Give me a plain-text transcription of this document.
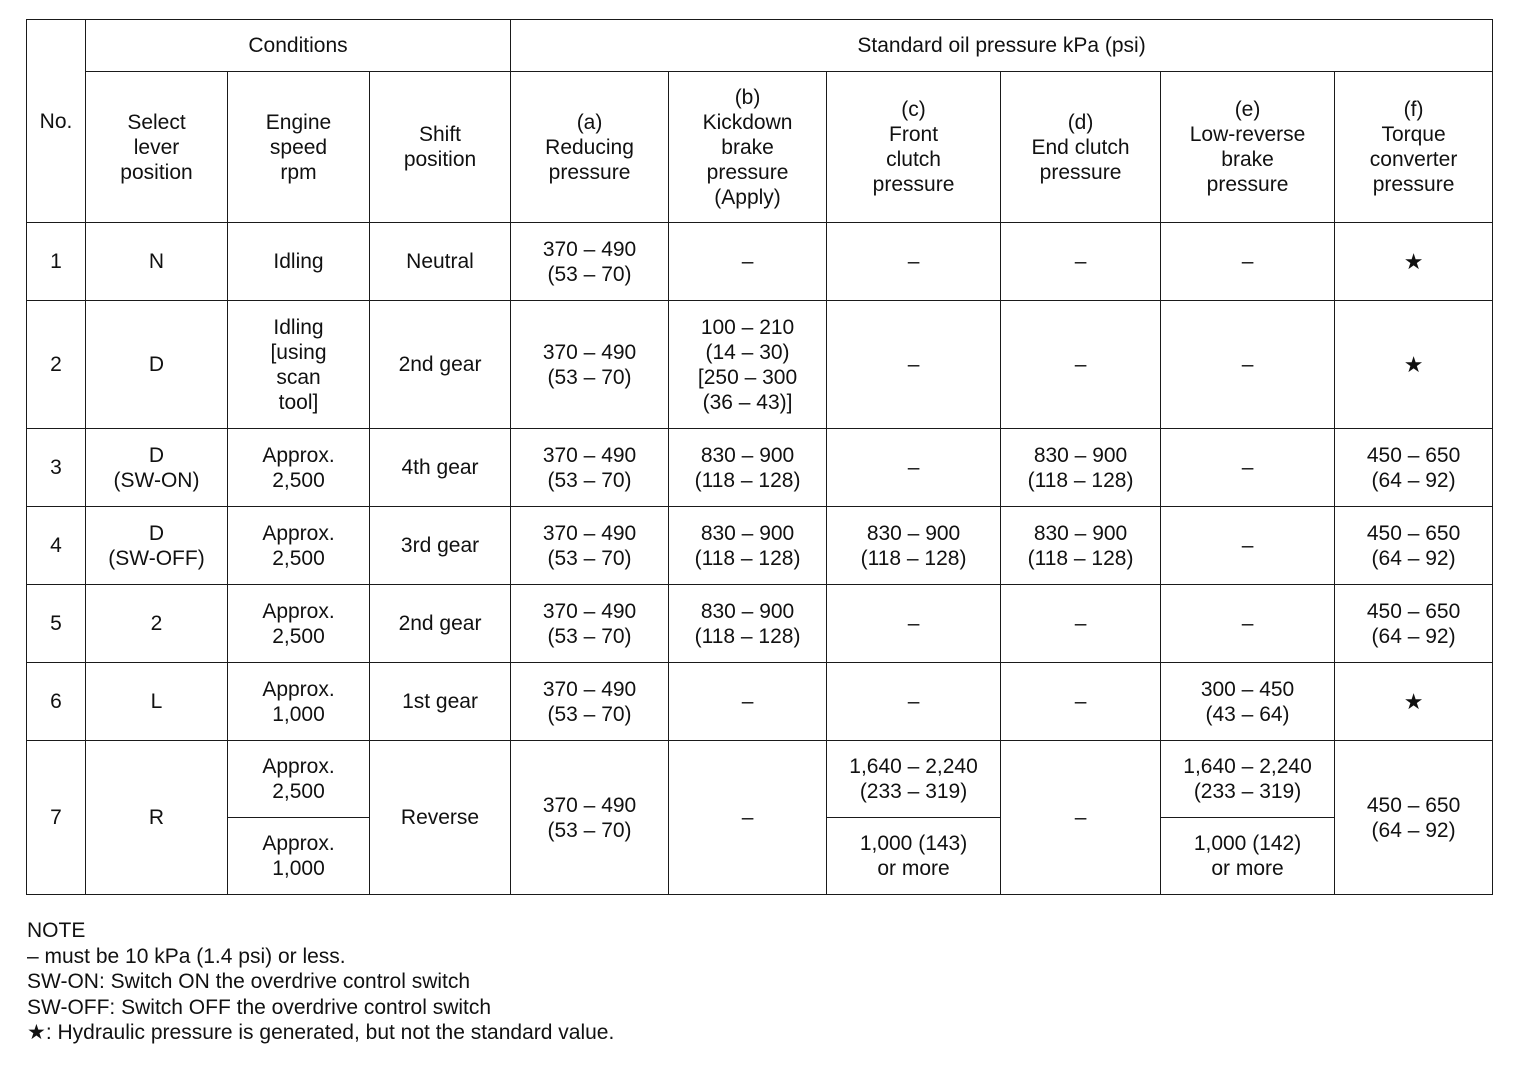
No.	Conditions			Standard oil pressure kPa (psi)					
	Select
lever
position	Engine
speed
rpm	Shift
position	(a)
Reducing
pressure	(b)
Kickdown
brake
pressure
(Apply)	(c)
Front
clutch
pressure	(d)
End clutch
pressure	(e)
Low-reverse
brake
pressure	(f)
Torque
converter
pressure
1	N	Idling	Neutral	370 – 490
(53 – 70)	–	–	–	–	★
2	D	Idling
[using
scan
tool]	2nd gear	370 – 490
(53 – 70)	100 – 210
(14 – 30)
[250 – 300
(36 – 43)]	–	–	–	★
3	D
(SW-ON)	Approx.
2,500	4th gear	370 – 490
(53 – 70)	830 – 900
(118 – 128)	–	830 – 900
(118 – 128)	–	450 – 650
(64 – 92)
4	D
(SW-OFF)	Approx.
2,500	3rd gear	370 – 490
(53 – 70)	830 – 900
(118 – 128)	830 – 900
(118 – 128)	830 – 900
(118 – 128)	–	450 – 650
(64 – 92)
5	2	Approx.
2,500	2nd gear	370 – 490
(53 – 70)	830 – 900
(118 – 128)	–	–	–	450 – 650
(64 – 92)
6	L	Approx.
1,000	1st gear	370 – 490
(53 – 70)	–	–	–	300 – 450
(43 – 64)	★
7	R	Approx.
2,500	Reverse	370 – 490
(53 – 70)	–	1,640 – 2,240
(233 – 319)	–	1,640 – 2,240
(233 – 319)	450 – 650
(64 – 92)
		Approx.
1,000				1,000 (143)
or more		1,000 (142)
or more	
NOTE
– must be 10 kPa (1.4 psi) or less.
SW-ON: Switch ON the overdrive control switch
SW-OFF: Switch OFF the overdrive control switch
★: Hydraulic pressure is generated, but not the standard value.
